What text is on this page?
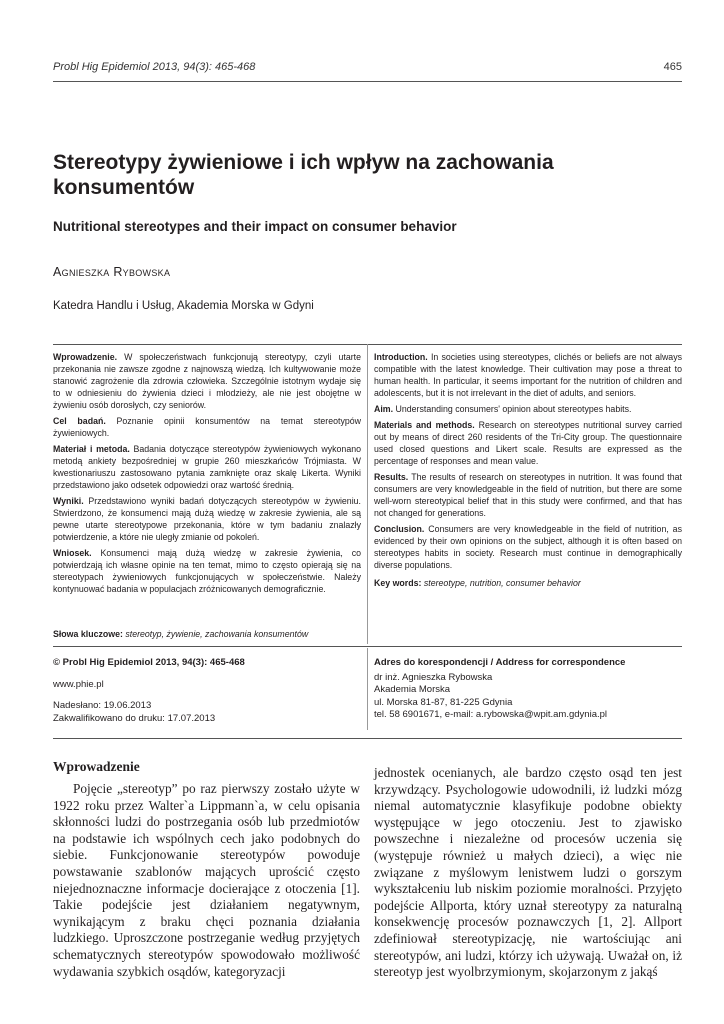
Probl Hig Epidemiol 2013, 94(3): 465-468	465
Stereotypy żywieniowe i ich wpływ na zachowania konsumentów
Nutritional stereotypes and their impact on consumer behavior
Agnieszka Rybowska
Katedra Handlu i Usług, Akademia Morska w Gdyni

Wprowadzenie. W społeczeństwach funkcjonują stereotypy, czyli utarte przekonania nie zawsze zgodne z najnowszą wiedzą. Ich kultywowanie może stanowić zagrożenie dla zdrowia człowieka. Szczególnie istotnym wydaje się to w odniesieniu do żywienia dzieci i młodzieży, ale nie jest obojętne w żywieniu osób dorosłych, czy seniorów.

Cel badań. Poznanie opinii konsumentów na temat stereotypów żywieniowych.

Materiał i metoda. Badania dotyczące stereotypów żywieniowych wykonano metodą ankiety bezpośredniej w grupie 260 mieszkańców Trójmiasta. W kwestionariuszu zastosowano pytania zamknięte oraz skalę Likerta. Wyniki przedstawiono jako odsetek odpowiedzi oraz wartość średnią.

Wyniki. Przedstawiono wyniki badań dotyczących stereotypów w żywieniu. Stwierdzono, że konsumenci mają dużą wiedzę w zakresie żywienia, ale są pewne utarte stereotypowe przekonania, które w tym badaniu znalazły potwierdzenie, a które nie uległy zmianie od pokoleń.

Wniosek. Konsumenci mają dużą wiedzę w zakresie żywienia, co potwierdzają ich własne opinie na ten temat, mimo to często opierają się na stereotypach żywieniowych funkcjonujących w społeczeństwie. Należy kontynuować badania w populacjach zróżnicowanych demograficznie.

Słowa kluczowe: stereotyp, żywienie, zachowania konsumentów

Introduction. In societies using stereotypes, clichés or beliefs are not always compatible with the latest knowledge. Their cultivation may pose a threat to human health. In particular, it seems important for the nutrition of children and adolescents, but it is not irrelevant in the diet of adults, and seniors.

Aim. Understanding consumers' opinion about stereotypes habits.

Materials and methods. Research on stereotypes nutritional survey carried out by means of direct 260 residents of the Tri-City group. The questionnaire used closed questions and Likert scale. Results are expressed as the percentage of responses and mean value.

Results. The results of research on stereotypes in nutrition. It was found that consumers are very knowledgeable in the field of nutrition, but there are some well-worn stereotypical belief that in this study were confirmed, and that has not changed for generations.

Conclusion. Consumers are very knowledgeable in the field of nutrition, as evidenced by their own opinions on the subject, although it is often based on stereotypes habits in society. Research must continue in demographically diverse populations.

Key words: stereotype, nutrition, consumer behavior

© Probl Hig Epidemiol 2013, 94(3): 465-468
www.phie.pl
Nadesłano: 19.06.2013
Zakwalifikowano do druku: 17.07.2013
Adres do korespondencji / Address for correspondence
dr inż. Agnieszka Rybowska
Akademia Morska
ul. Morska 81-87, 81-225 Gdynia
tel. 58 6901671, e-mail: a.rybowska@wpit.am.gdynia.pl
Wprowadzenie

Pojęcie „stereotyp” po raz pierwszy zostało użyte w 1922 roku przez Walter`a Lippmann`a, w celu opisania skłonności ludzi do postrzegania osób lub przedmiotów na podstawie ich wspólnych cech jako podobnych do siebie. Funkcjonowanie stereotypów powoduje powstawanie szablonów mających uprościć często niejednoznaczne informacje docierające z otoczenia [1]. Takie podejście jest działaniem negatywnym, wynikającym z braku chęci poznania działania ludzkiego. Uproszczone postrzeganie według przyjętych schematycznych stereotypów spowodowało możliwość wydawania szybkich osądów, kategoryzacji

jednostek ocenianych, ale bardzo często osąd ten jest krzywdzący. Psychologowie udowodnili, iż ludzki mózg niemal automatycznie klasyfikuje podobne obiekty występujące w jego otoczeniu. Jest to zjawisko powszechne i niezależne od procesów uczenia się (występuje również u małych dzieci), a więc nie związane z myślowym lenistwem ludzi o gorszym wykształceniu lub niskim poziomie moralności. Przyjęto podejście Allporta, który uznał stereotypy za naturalną konsekwencję procesów poznawczych [1, 2]. Allport zdefiniował stereotypizację, nie wartościując ani stereotypów, ani ludzi, którzy ich używają. Uważał on, iż stereotyp jest wyolbrzymionym, skojarzonym z jakąś
